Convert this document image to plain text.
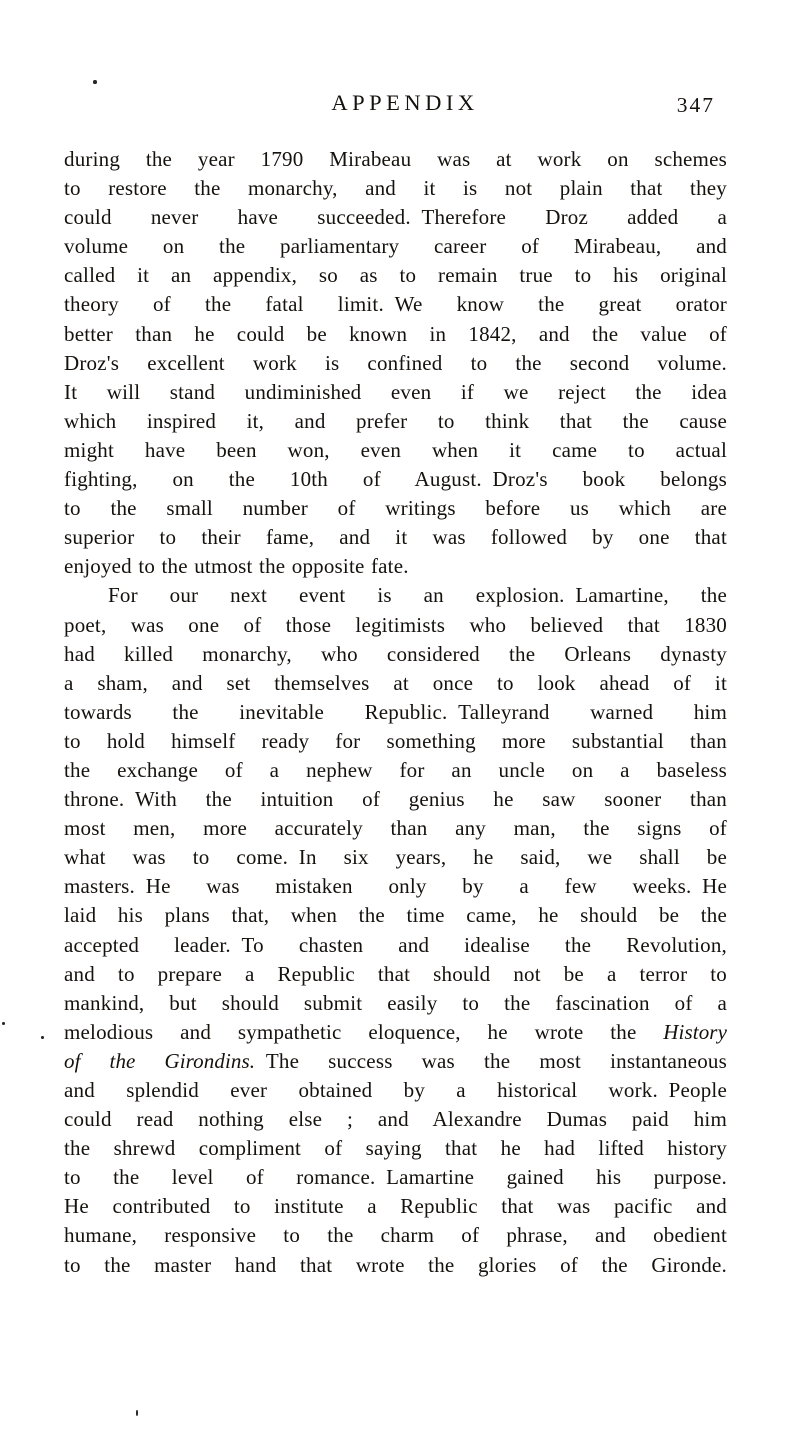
APPENDIX	347
during the year 1790 Mirabeau was at work on schemes
to restore the monarchy, and it is not plain that they
could never have succeeded. Therefore Droz added a
volume on the parliamentary career of Mirabeau, and
called it an appendix, so as to remain true to his original
theory of the fatal limit. We know the great orator
better than he could be known in 1842, and the value of
Droz's excellent work is confined to the second volume.
It will stand undiminished even if we reject the idea
which inspired it, and prefer to think that the cause
might have been won, even when it came to actual
fighting, on the 10th of August. Droz's book belongs
to the small number of writings before us which are
superior to their fame, and it was followed by one that
enjoyed to the utmost the opposite fate.
For our next event is an explosion. Lamartine, the
poet, was one of those legitimists who believed that 1830
had killed monarchy, who considered the Orleans dynasty
a sham, and set themselves at once to look ahead of it
towards the inevitable Republic. Talleyrand warned him
to hold himself ready for something more substantial than
the exchange of a nephew for an uncle on a baseless
throne. With the intuition of genius he saw sooner than
most men, more accurately than any man, the signs of
what was to come. In six years, he said, we shall be
masters. He was mistaken only by a few weeks. He
laid his plans that, when the time came, he should be the
accepted leader. To chasten and idealise the Revolution,
and to prepare a Republic that should not be a terror to
mankind, but should submit easily to the fascination of a
melodious and sympathetic eloquence, he wrote the History
of the Girondins. The success was the most instantaneous
and splendid ever obtained by a historical work. People
could read nothing else ; and Alexandre Dumas paid him
the shrewd compliment of saying that he had lifted history
to the level of romance. Lamartine gained his purpose.
He contributed to institute a Republic that was pacific and
humane, responsive to the charm of phrase, and obedient
to the master hand that wrote the glories of the Gironde.
